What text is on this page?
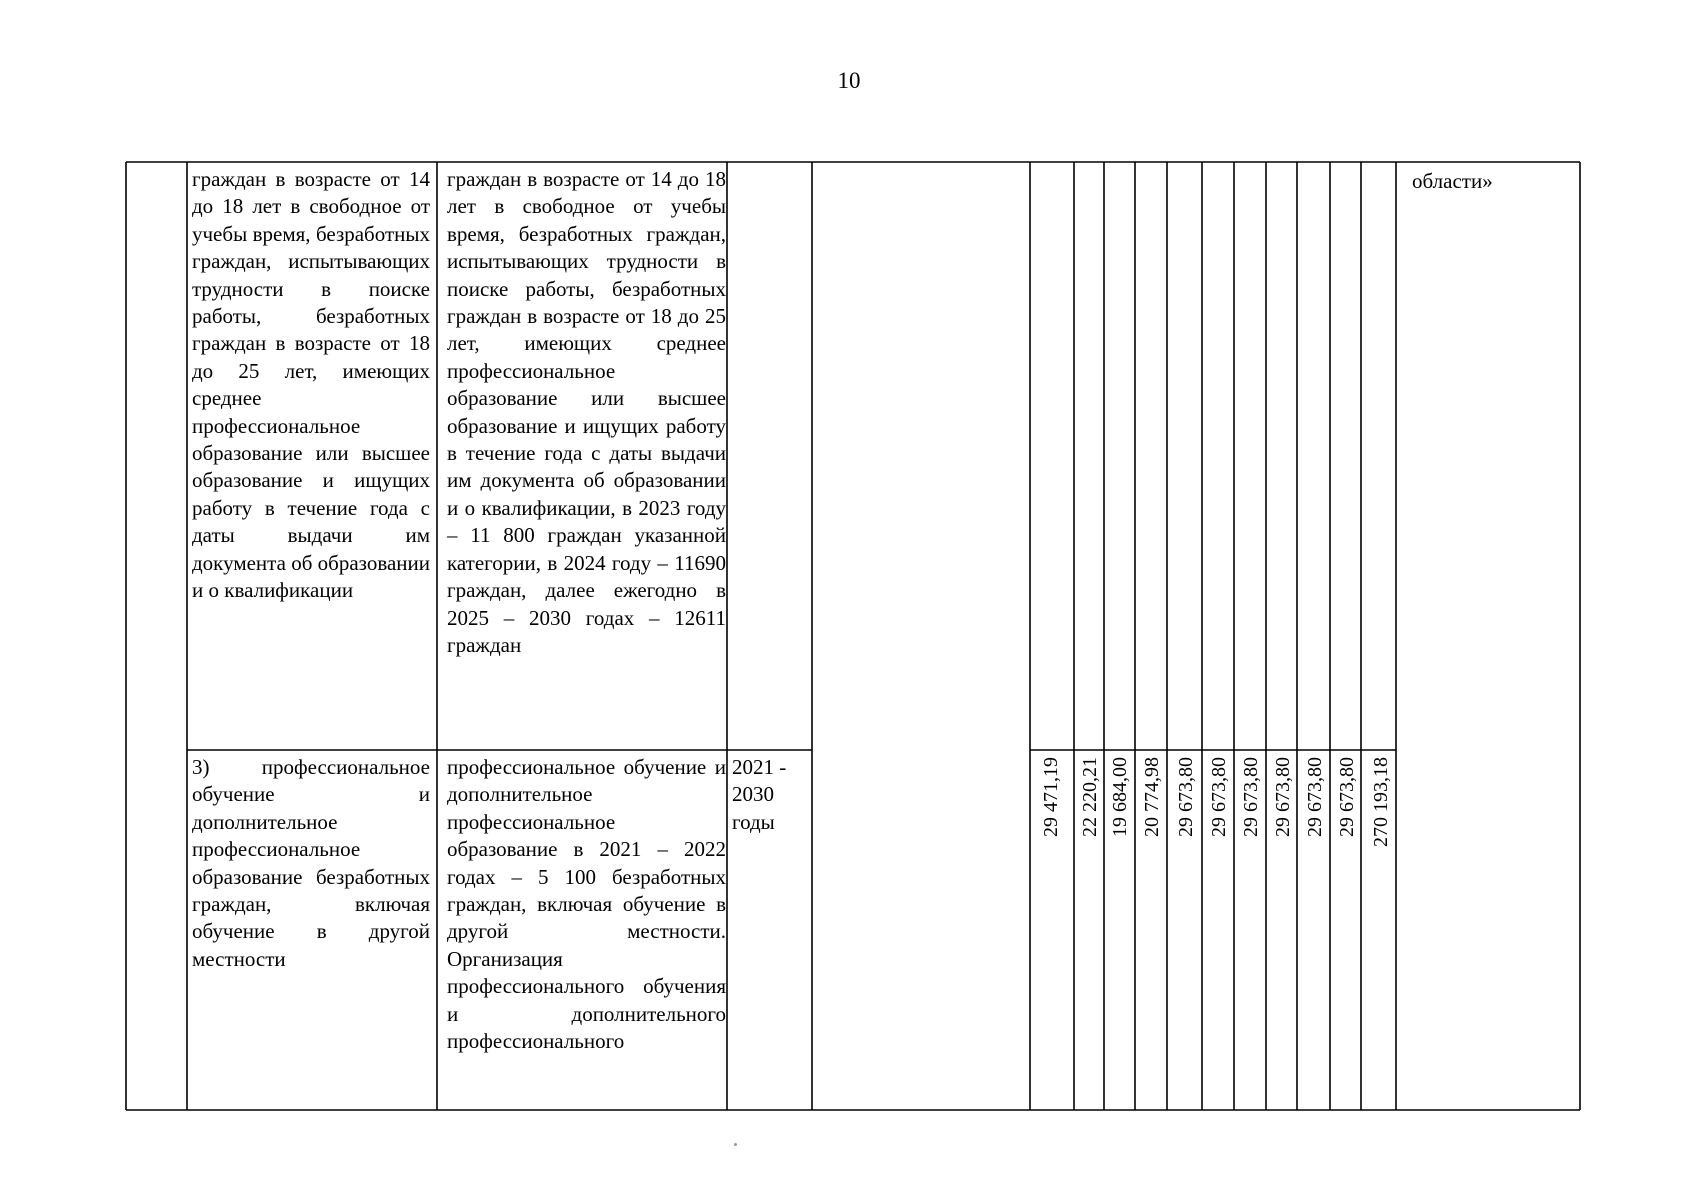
10
граждан в возрасте от 14 до 18 лет в свободное от учебы время, безработных граждан, испытывающих трудности в поиске работы, безработных граждан в возрасте от 18 до 25 лет, имеющих среднее профессиональное образование или высшее образование и ищущих работу в течение года с даты выдачи им документа об образовании и о квалификации
граждан в возрасте от 14 до 18 лет в свободное от учебы время, безработных граждан, испытывающих трудности в поиске работы, безработных граждан в возрасте от 18 до 25 лет, имеющих среднее профессиональное образование или высшее образование и ищущих работу в течение года с даты выдачи им документа об образовании и о квалификации, в 2023 году – 11 800 граждан указанной категории, в 2024 году – 11690 граждан, далее ежегодно в 2025 – 2030 годах – 12611 граждан
области»
3) профессиональное обучение и дополнительное профессиональное образование безработных граждан, включая обучение в другой местности
профессиональное обучение и дополнительное профессиональное образование в 2021 – 2022 годах – 5 100 безработных граждан, включая обучение в другой местности. Организация профессионального обучения и дополнительного профессионального
2021 - 2030 годы	29 471,19 22 220,21 19 684,00 20 774,98 29 673,80 29 673,80 29 673,80 29 673,80 29 673,80 29 673,80 270 193,18
